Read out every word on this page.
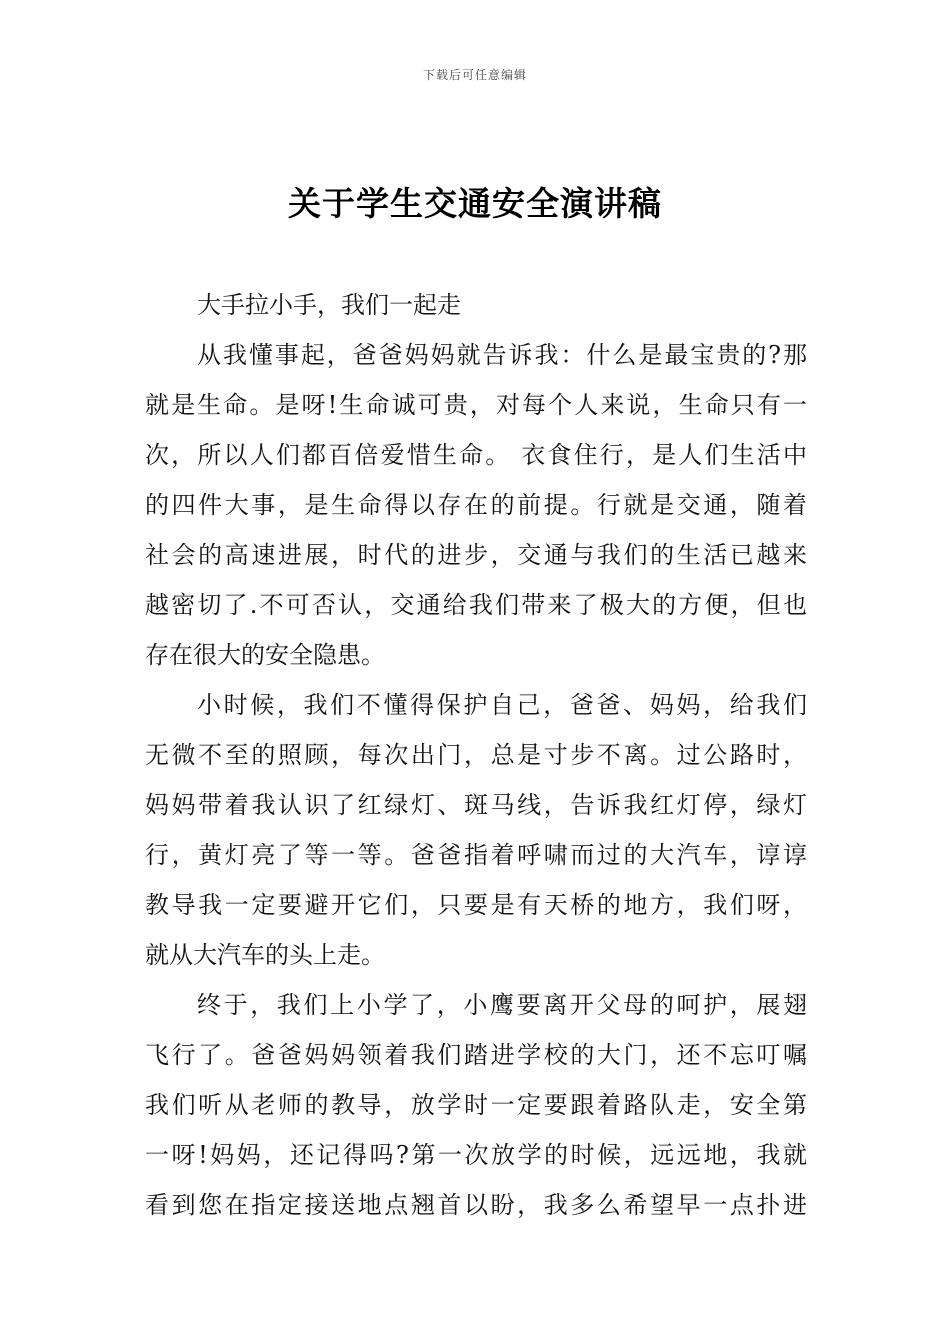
下载后可任意编辑
关于学生交通安全演讲稿
大手拉小手，我们一起走
从我懂事起，爸爸妈妈就告诉我：什么是最宝贵的?那
就是生命。是呀!生命诚可贵，对每个人来说，生命只有一
次，所以人们都百倍爱惜生命。 衣食住行，是人们生活中
的四件大事，是生命得以存在的前提。行就是交通，随着
社会的高速进展，时代的进步，交通与我们的生活已越来
越密切了.不可否认，交通给我们带来了极大的方便，但也
存在很大的安全隐患。
小时候，我们不懂得保护自己，爸爸、妈妈，给我们
无微不至的照顾，每次出门，总是寸步不离。过公路时，
妈妈带着我认识了红绿灯、斑马线，告诉我红灯停，绿灯
行，黄灯亮了等一等。爸爸指着呼啸而过的大汽车，谆谆
教导我一定要避开它们，只要是有天桥的地方，我们呀，
就从大汽车的头上走。
终于，我们上小学了，小鹰要离开父母的呵护，展翅
飞行了。爸爸妈妈领着我们踏进学校的大门，还不忘叮嘱
我们听从老师的教导，放学时一定要跟着路队走，安全第
一呀!妈妈，还记得吗?第一次放学的时候，远远地，我就
看到您在指定接送地点翘首以盼，我多么希望早一点扑进
